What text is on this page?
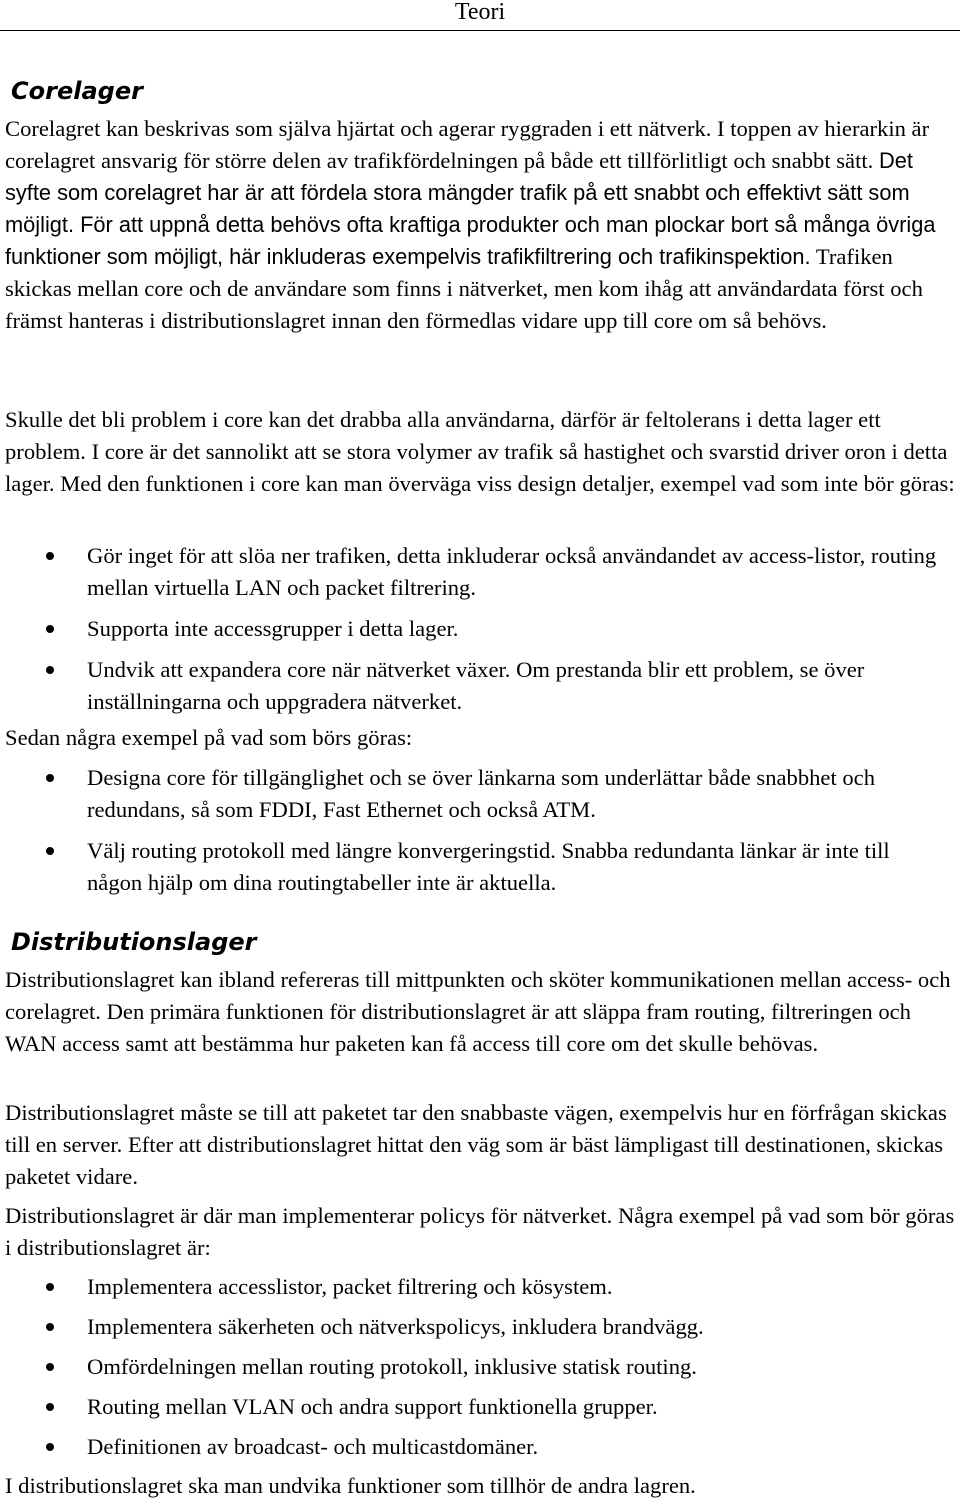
Teori
Corelager
Corelagret kan beskrivas som själva hjärtat och agerar ryggraden i ett nätverk. I toppen av hierarkin är corelagret ansvarig för större delen av trafikfördelningen på både ett tillförlitligt och snabbt sätt. Det syfte som corelagret har är att fördela stora mängder trafik på ett snabbt och effektivt sätt som möjligt. För att uppnå detta behövs ofta kraftiga produkter och man plockar bort så många övriga funktioner som möjligt, här inkluderas exempelvis trafikfiltrering och trafikinspektion. Trafiken skickas mellan core och de användare som finns i nätverket, men kom ihåg att användardata först och främst hanteras i distributionslagret innan den förmedlas vidare upp till core om så behövs.
Skulle det bli problem i core kan det drabba alla användarna, därför är feltolerans i detta lager ett problem. I core är det sannolikt att se stora volymer av trafik så hastighet och svarstid driver oron i detta lager. Med den funktionen i core kan man överväga viss design detaljer, exempel vad som inte bör göras:
Gör inget för att slöa ner trafiken, detta inkluderar också användandet av access-listor, routing mellan virtuella LAN och packet filtrering.
Supporta inte accessgrupper i detta lager.
Undvik att expandera core när nätverket växer. Om prestanda blir ett problem, se över inställningarna och uppgradera nätverket.
Sedan några exempel på vad som börs göras:
Designa core för tillgänglighet och se över länkarna som underlättar både snabbhet och redundans, så som FDDI, Fast Ethernet och också ATM.
Välj routing protokoll med längre konvergeringstid. Snabba redundanta länkar är inte till någon hjälp om dina routingtabeller inte är aktuella.
Distributionslager
Distributionslagret kan ibland refereras till mittpunkten och sköter kommunikationen mellan access- och corelagret. Den primära funktionen för distributionslagret är att släppa fram routing, filtreringen och WAN access samt att bestämma hur paketen kan få access till core om det skulle behövas.
Distributionslagret måste se till att paketet tar den snabbaste vägen, exempelvis hur en förfrågan skickas till en server. Efter att distributionslagret hittat den väg som är bäst lämpligast till destinationen, skickas paketet vidare.
Distributionslagret är där man implementerar policys för nätverket. Några exempel på vad som bör göras i distributionslagret är:
Implementera accesslistor, packet filtrering och kösystem.
Implementera säkerheten och nätverkspolicys, inkludera brandvägg.
Omfördelningen mellan routing protokoll, inklusive statisk routing.
Routing mellan VLAN och andra support funktionella grupper.
Definitionen av broadcast- och multicastdomäner.
I distributionslagret ska man undvika funktioner som tillhör de andra lagren.
